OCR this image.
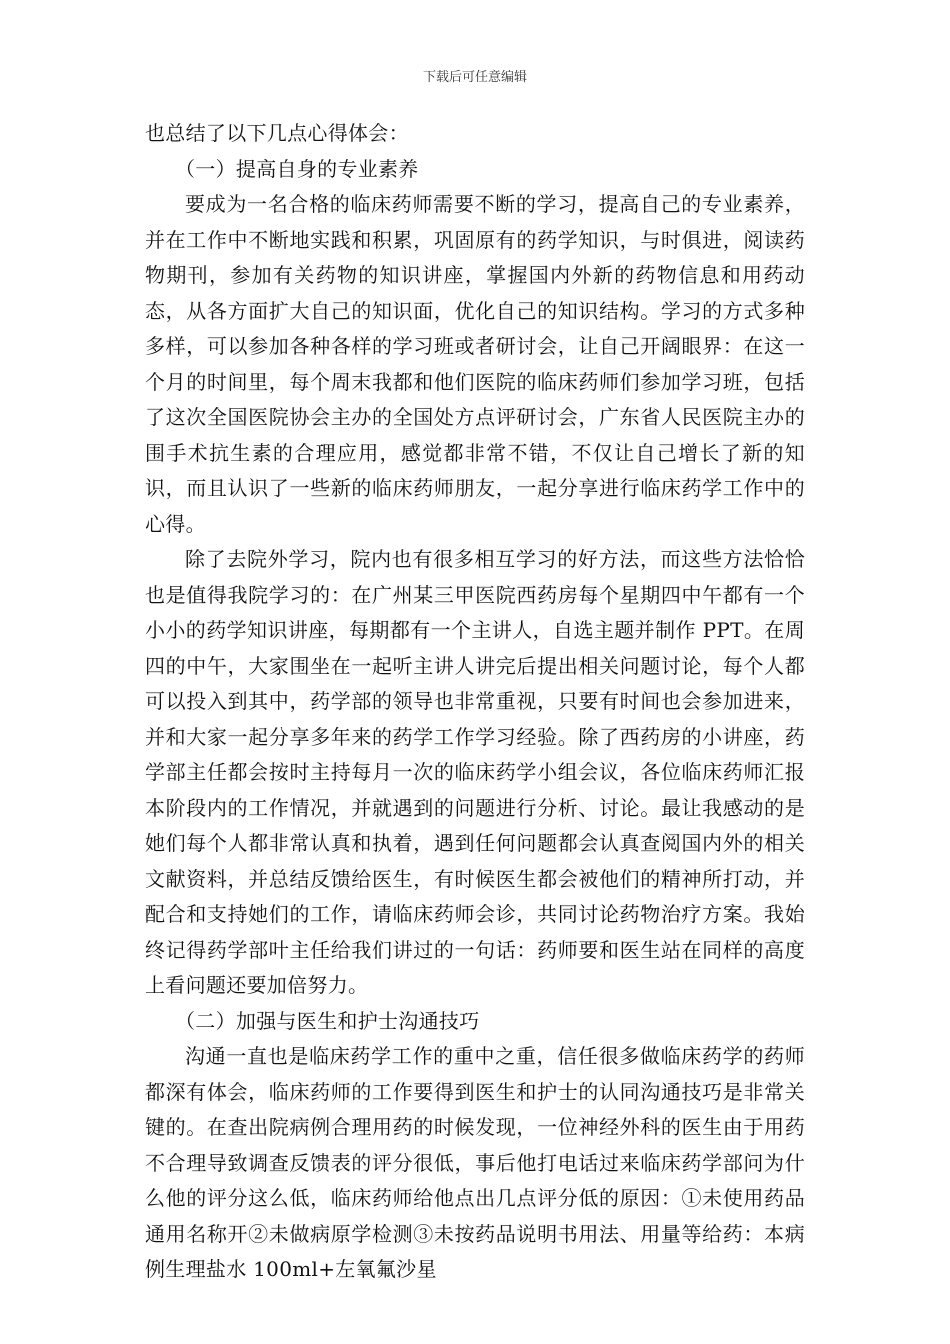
下载后可任意编辑

也总结了以下几点心得体会：

（一）提高自身的专业素养

要成为一名合格的临床药师需要不断的学习，提高自己的专业素养，并在工作中不断地实践和积累，巩固原有的药学知识，与时俱进，阅读药物期刊，参加有关药物的知识讲座，掌握国内外新的药物信息和用药动态，从各方面扩大自己的知识面，优化自己的知识结构。学习的方式多种多样，可以参加各种各样的学习班或者研讨会，让自己开阔眼界：在这一个月的时间里，每个周末我都和他们医院的临床药师们参加学习班，包括了这次全国医院协会主办的全国处方点评研讨会，广东省人民医院主办的围手术抗生素的合理应用，感觉都非常不错，不仅让自己增长了新的知识，而且认识了一些新的临床药师朋友，一起分享进行临床药学工作中的心得。

除了去院外学习，院内也有很多相互学习的好方法，而这些方法恰恰也是值得我院学习的：在广州某三甲医院西药房每个星期四中午都有一个小小的药学知识讲座，每期都有一个主讲人，自选主题并制作 PPT。在周四的中午，大家围坐在一起听主讲人讲完后提出相关问题讨论，每个人都可以投入到其中，药学部的领导也非常重视，只要有时间也会参加进来，并和大家一起分享多年来的药学工作学习经验。除了西药房的小讲座，药学部主任都会按时主持每月一次的临床药学小组会议，各位临床药师汇报本阶段内的工作情况，并就遇到的问题进行分析、讨论。最让我感动的是她们每个人都非常认真和执着，遇到任何问题都会认真查阅国内外的相关文献资料，并总结反馈给医生，有时候医生都会被他们的精神所打动，并配合和支持她们的工作，请临床药师会诊，共同讨论药物治疗方案。我始终记得药学部叶主任给我们讲过的一句话：药师要和医生站在同样的高度上看问题还要加倍努力。

（二）加强与医生和护士沟通技巧

沟通一直也是临床药学工作的重中之重，信任很多做临床药学的药师都深有体会，临床药师的工作要得到医生和护士的认同沟通技巧是非常关键的。在查出院病例合理用药的时候发现，一位神经外科的医生由于用药不合理导致调查反馈表的评分很低，事后他打电话过来临床药学部问为什么他的评分这么低，临床药师给他点出几点评分低的原因：①未使用药品通用名称开②未做病原学检测③未按药品说明书用法、用量等给药：本病例生理盐水 100ml+左氧氟沙星
